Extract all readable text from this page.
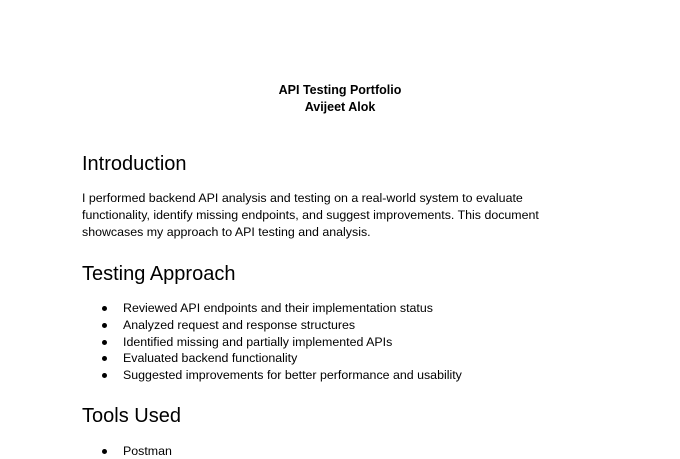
API Testing Portfolio
Avijeet Alok
Introduction

I performed backend API analysis and testing on a real-world system to evaluate
functionality, identify missing endpoints, and suggest improvements. This document
showcases my approach to API testing and analysis.

Testing Approach
Reviewed API endpoints and their implementation status
Analyzed request and response structures
Identified missing and partially implemented APIs
Evaluated backend functionality
Suggested improvements for better performance and usability
Tools Used
Postman
